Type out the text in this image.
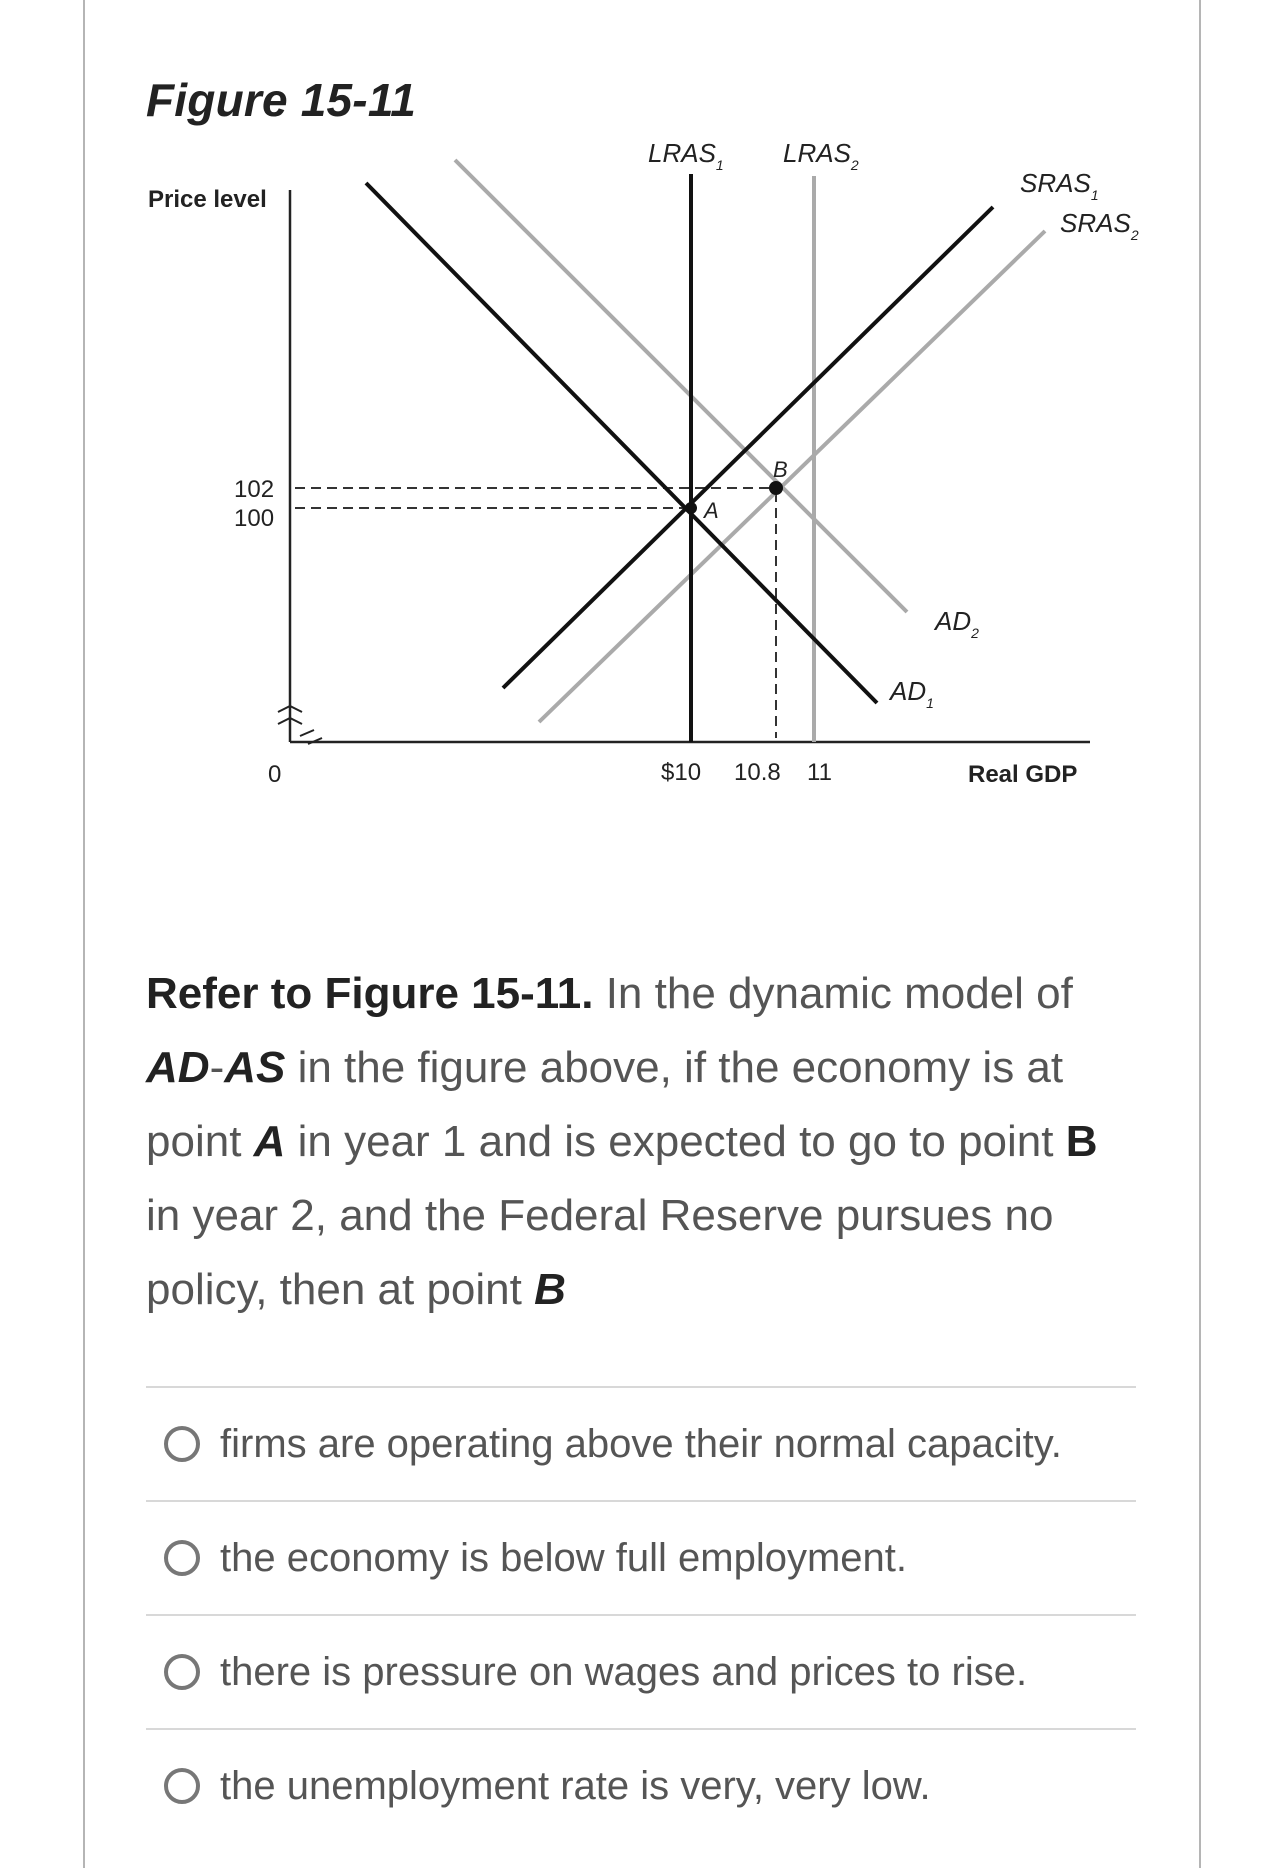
Figure 15-11
A
B
$LRAS_1$ $LRAS_2$
$SRAS_1$
$SRAS_2$
$AD_2$
$AD_1$
Price level
Real GDP
102
100
0	$10 10.8 11
Refer to Figure 15-11. In the dynamic model of AD-AS in the figure above, if the economy is at point A in year 1 and is expected to go to point B in year 2, and the Federal Reserve pursues no policy, then at point B
firms are operating above their normal capacity.
the economy is below full employment.
there is pressure on wages and prices to rise.
the unemployment rate is very, very low.
